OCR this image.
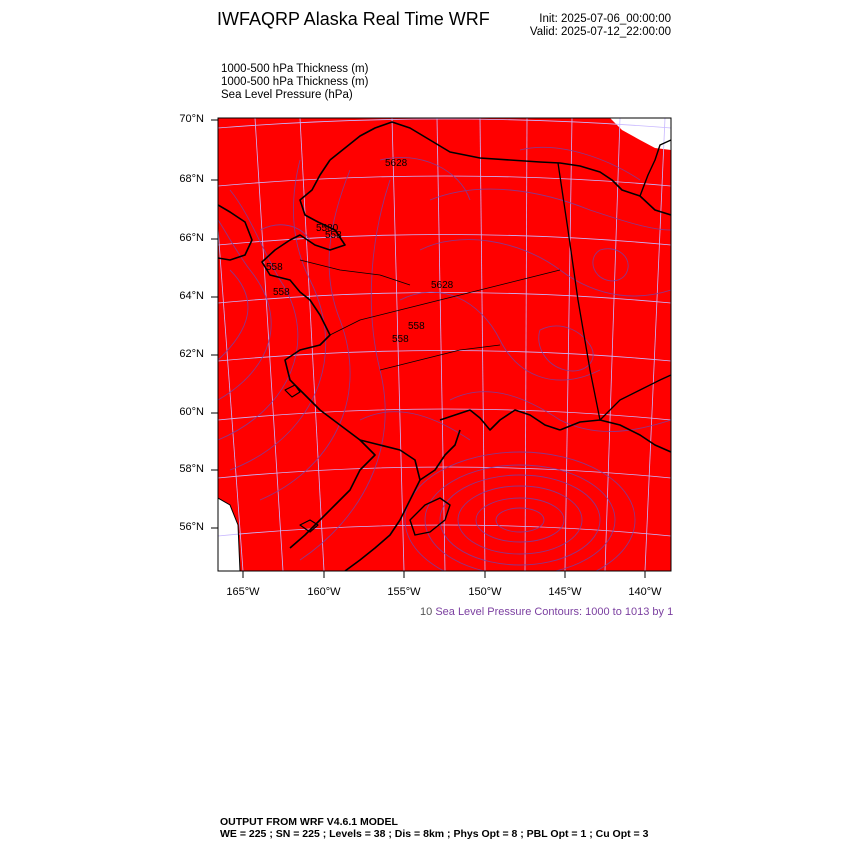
IWFAQRP Alaska Real Time WRF	Init: 2025-07-06_00:00:00
Valid: 2025-07-12_22:00:00
1000-500 hPa Thickness (m)
1000-500 hPa Thickness (m)
Sea Level Pressure (hPa)
5628
5580
558
558
5628
558
558
558
70°N
68°N
66°N
64°N
62°N
60°N
58°N
56°N
165°W	160°W	155°W	150°W	145°W	140°W
10 Sea Level Pressure Contours: 1000 to 1013 by 1
OUTPUT FROM WRF V4.6.1 MODEL
WE = 225 ; SN = 225 ; Levels = 38 ; Dis = 8km ; Phys Opt = 8 ; PBL Opt = 1 ; Cu Opt = 3
